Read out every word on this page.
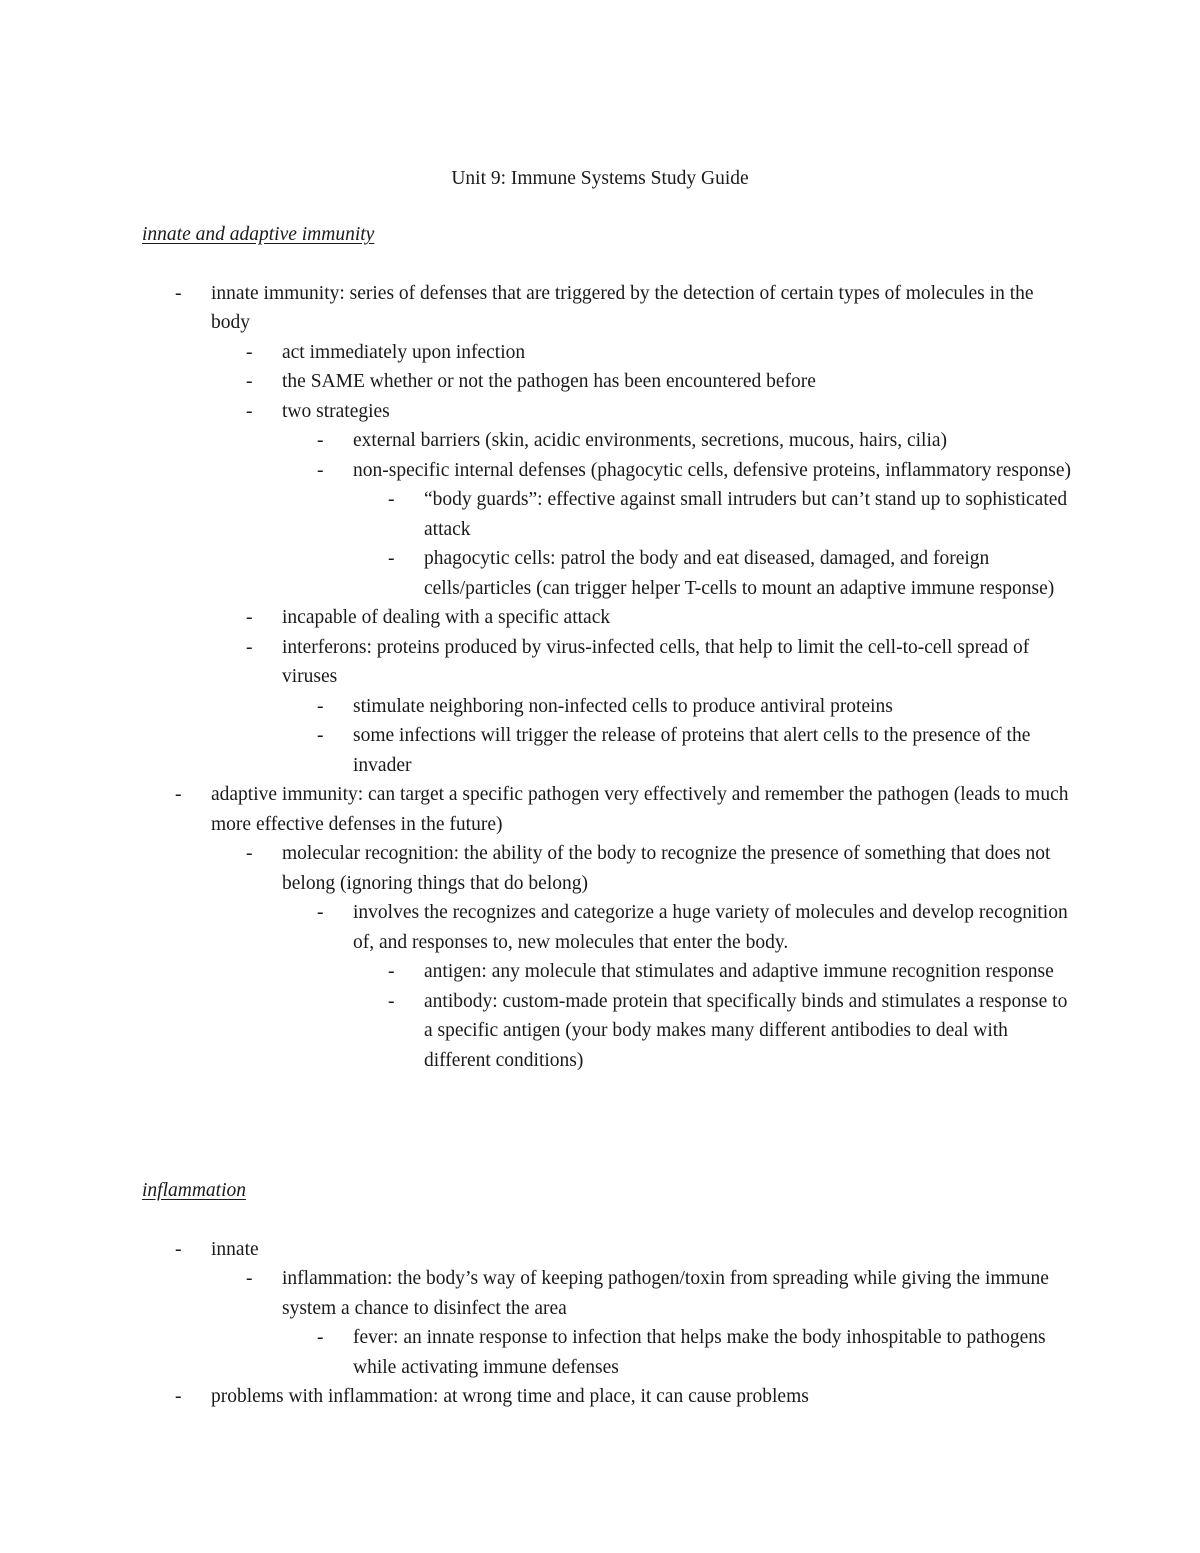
Unit 9: Immune Systems Study Guide
innate and adaptive immunity
-	innate immunity: series of defenses that are triggered by the detection of certain types of molecules in the body
-	act immediately upon infection
-	the SAME whether or not the pathogen has been encountered before
-	two strategies
-	external barriers (skin, acidic environments, secretions, mucous, hairs, cilia)
-	non-specific internal defenses (phagocytic cells, defensive proteins, inflammatory response)
-	“body guards”: effective against small intruders but can’t stand up to sophisticated attack
-	phagocytic cells: patrol the body and eat diseased, damaged, and foreign cells/particles (can trigger helper T-cells to mount an adaptive immune response)
-	incapable of dealing with a specific attack
-	interferons: proteins produced by virus-infected cells, that help to limit the cell-to-cell spread of viruses
-	stimulate neighboring non-infected cells to produce antiviral proteins
-	some infections will trigger the release of proteins that alert cells to the presence of the invader
-	adaptive immunity: can target a specific pathogen very effectively and remember the pathogen (leads to much more effective defenses in the future)
-	molecular recognition: the ability of the body to recognize the presence of something that does not belong (ignoring things that do belong)
-	involves the recognizes and categorize a huge variety of molecules and develop recognition of, and responses to, new molecules that enter the body.
-	antigen: any molecule that stimulates and adaptive immune recognition response
-	antibody: custom-made protein that specifically binds and stimulates a response to a specific antigen (your body makes many different antibodies to deal with different conditions)
inflammation
-	innate
-	inflammation: the body’s way of keeping pathogen/toxin from spreading while giving the immune system a chance to disinfect the area
-	fever: an innate response to infection that helps make the body inhospitable to pathogens while activating immune defenses
-	problems with inflammation: at wrong time and place, it can cause problems
